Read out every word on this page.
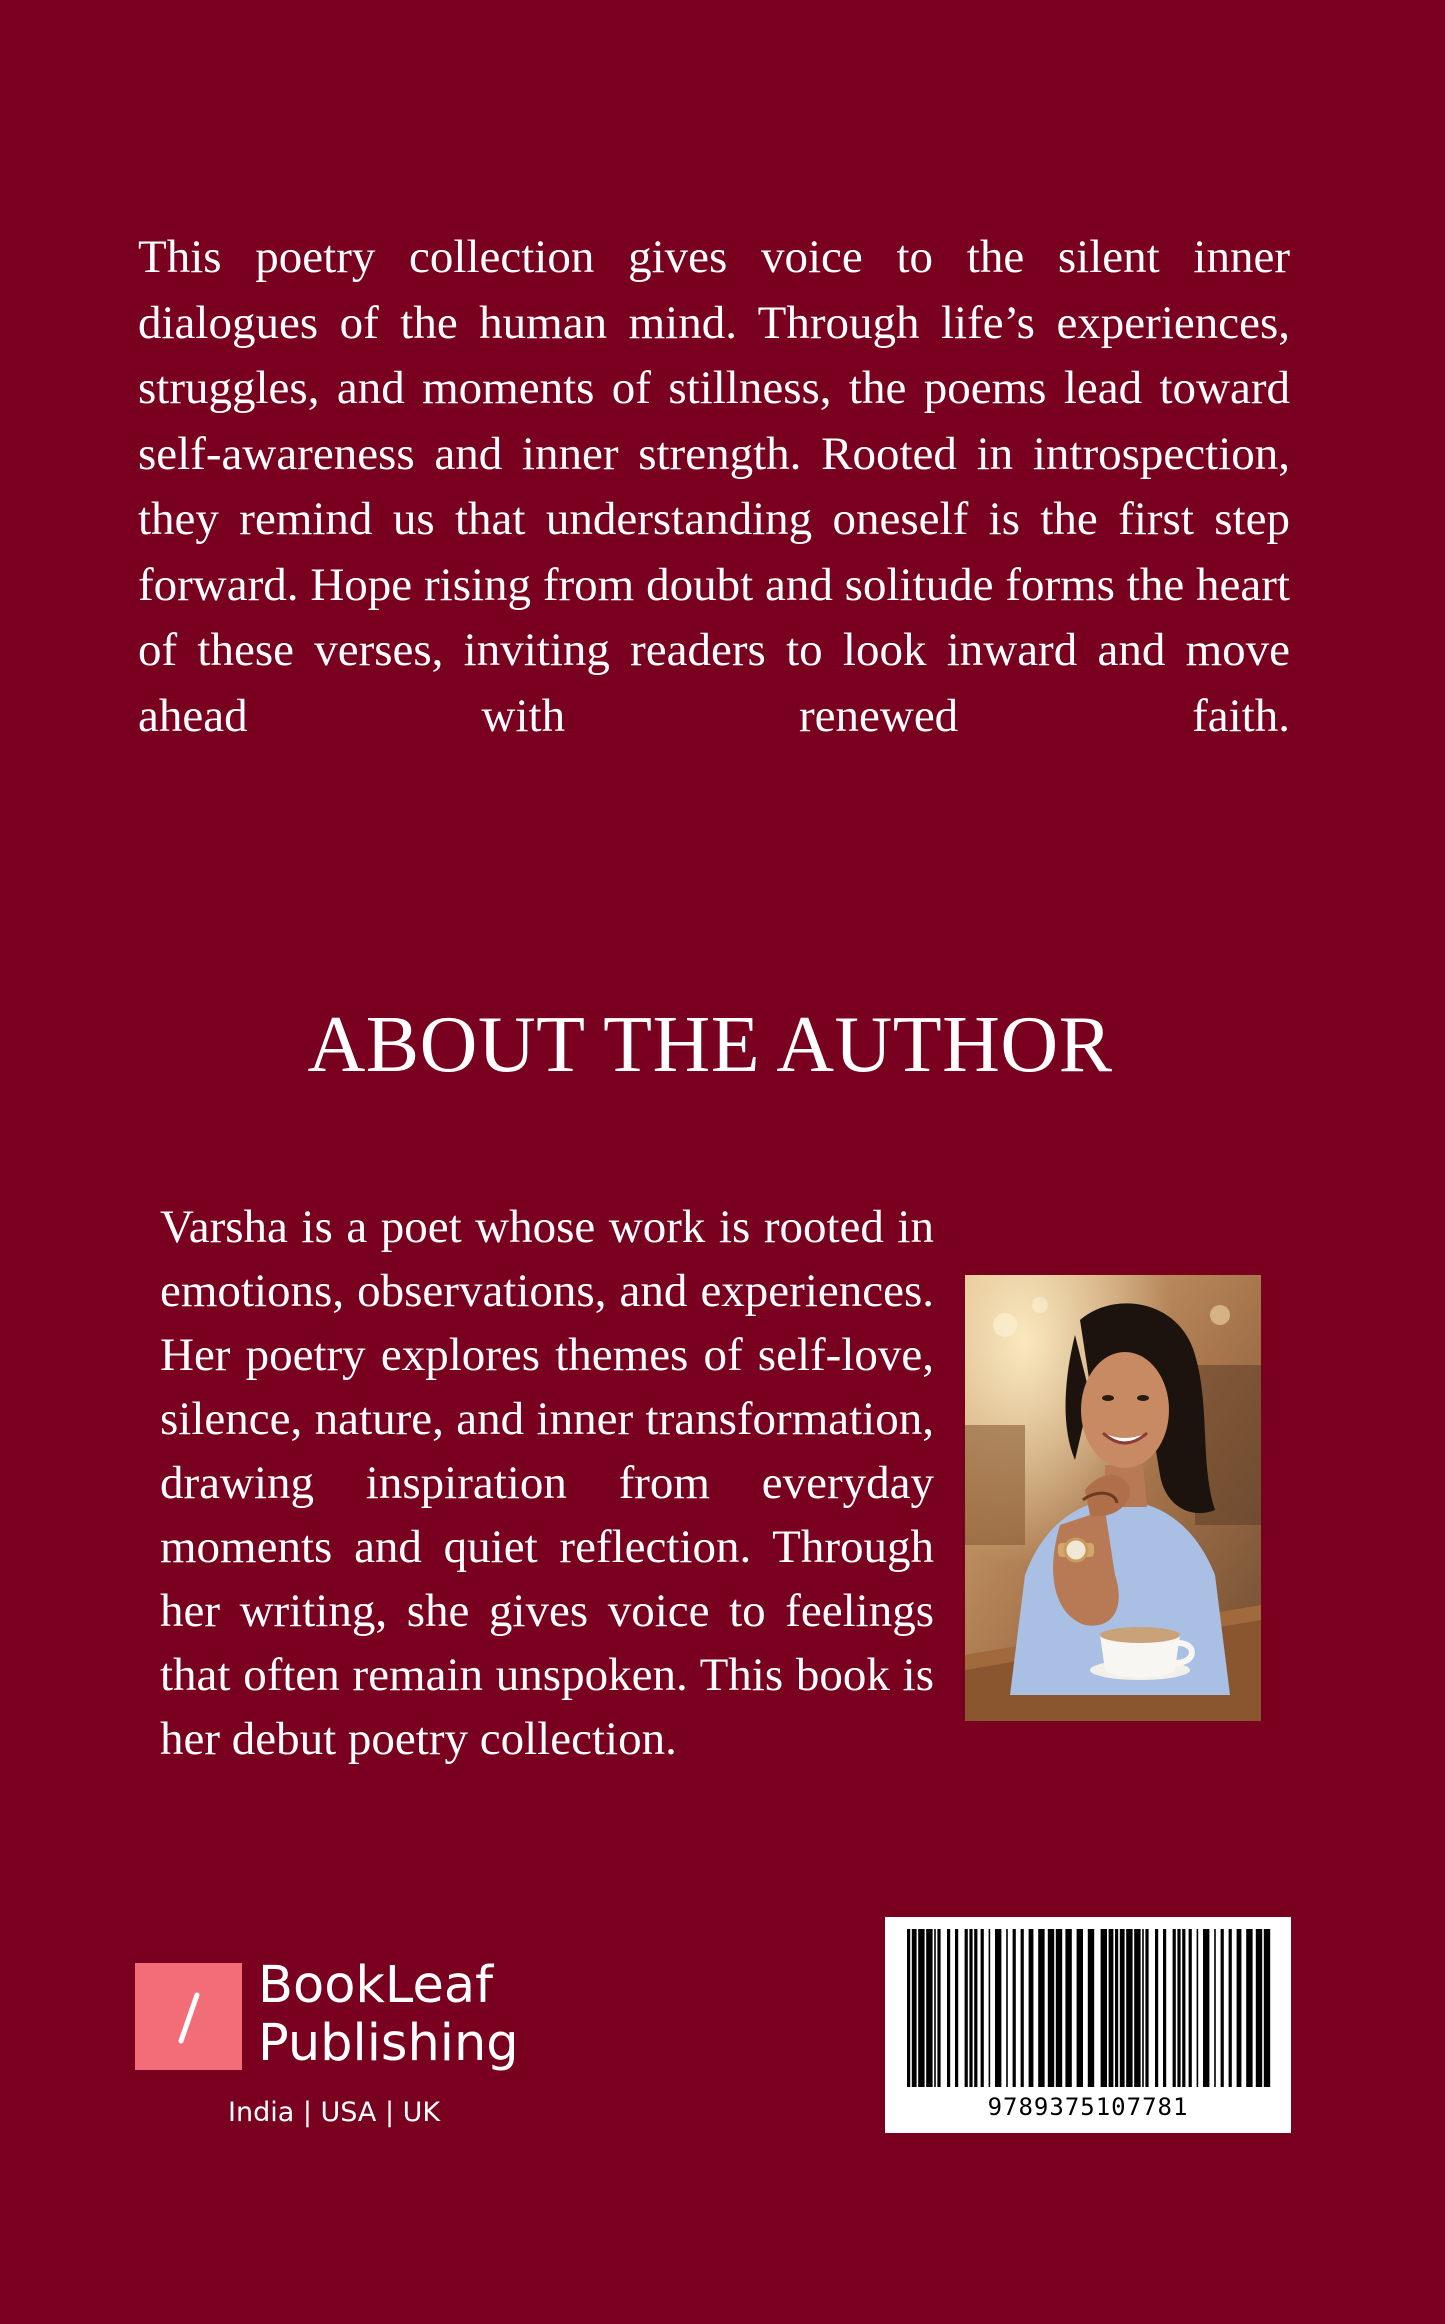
This poetry collection gives voice to the silent inner dialogues of the human mind. Through life’s experiences, struggles, and moments of stillness, the poems lead toward self-awareness and inner strength. Rooted in introspection, they remind us that understanding oneself is the first step forward. Hope rising from doubt and solitude forms the heart of these verses, inviting readers to look inward and move ahead with renewed faith.

ABOUT THE AUTHOR

Varsha is a poet whose work is rooted in emotions, observations, and experiences. Her poetry explores themes of self-love, silence, nature, and inner transformation, drawing inspiration from everyday moments and quiet reflection. Through her writing, she gives voice to feelings that often remain unspoken. This book is her debut poetry collection.

BookLeaf
Publishing
India | USA | UK	9789375107781
